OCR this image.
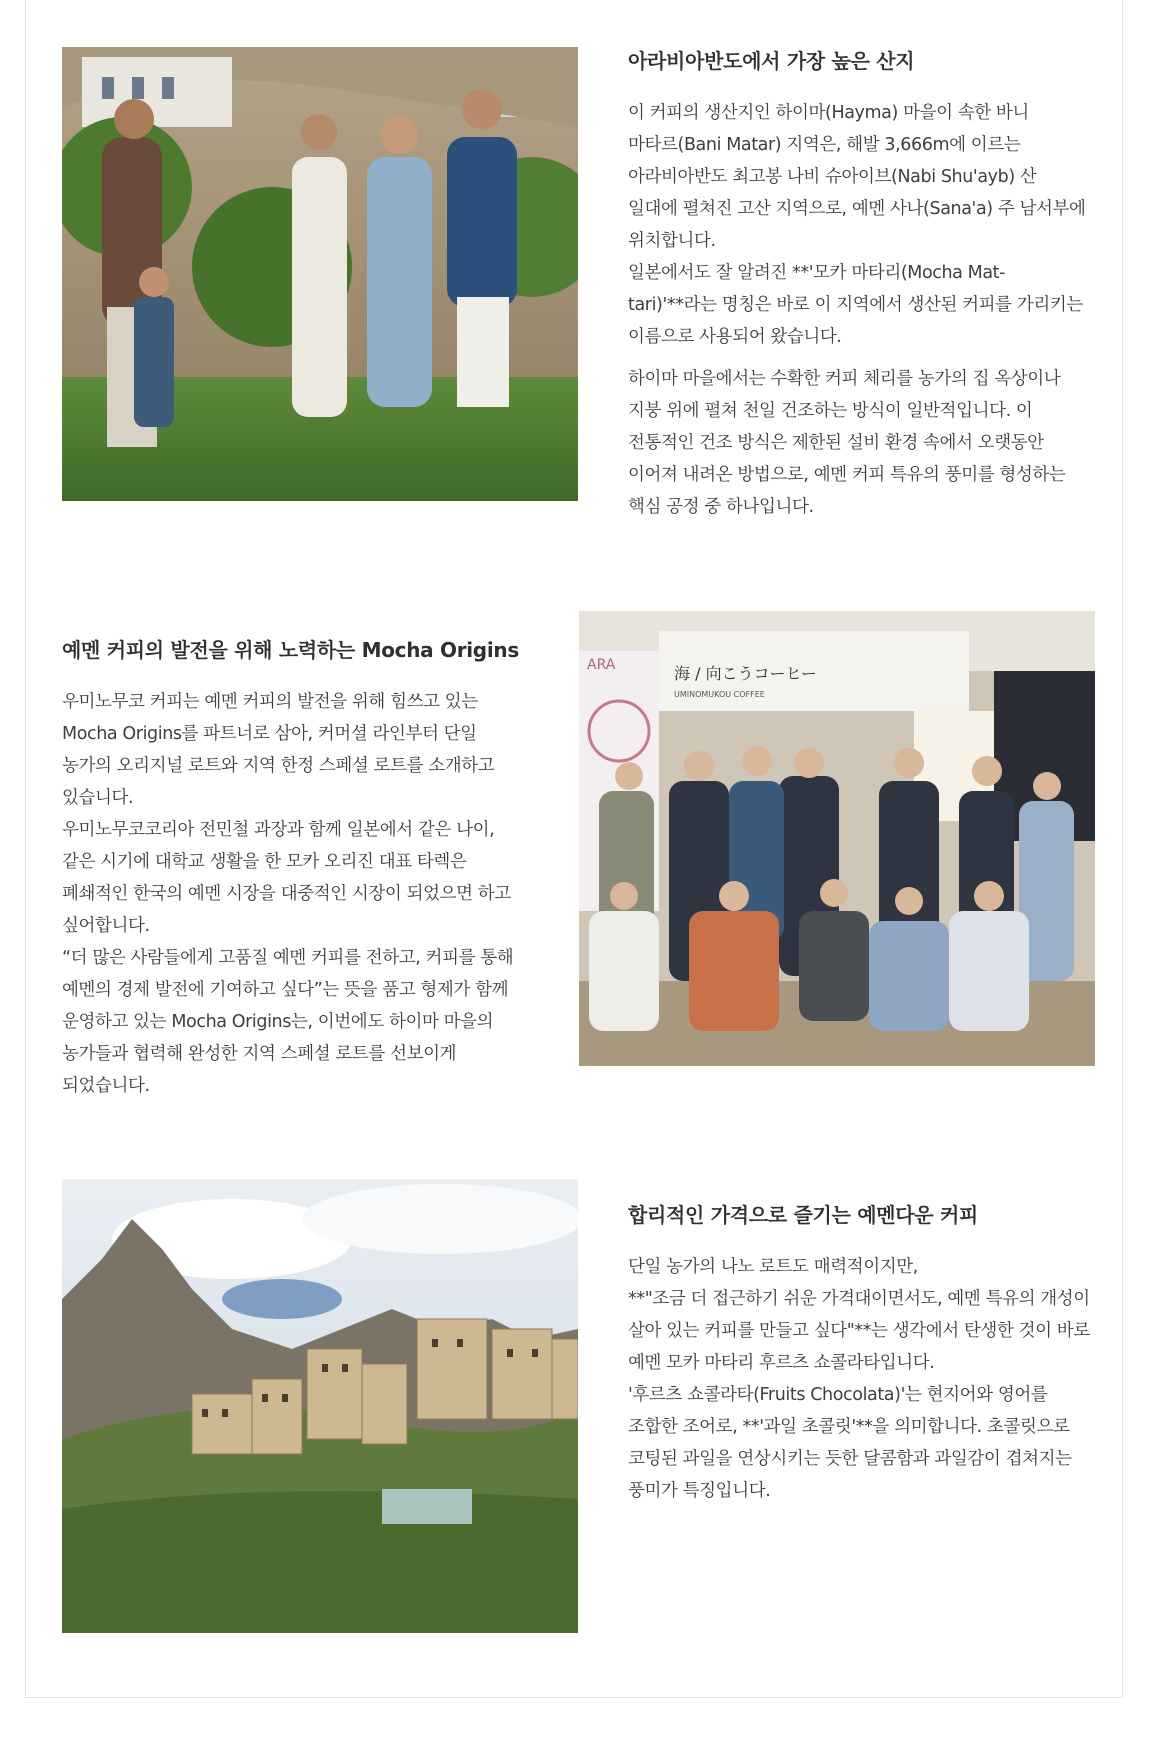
아라비아반도에서 가장 높은 산지

이 커피의 생산지인 하이마(Hayma) 마을이 속한 바니
마타르(Bani Matar) 지역은, 해발 3,666m에 이르는
아라비아반도 최고봉 나비 슈아이브(Nabi Shu'ayb) 산
일대에 펼쳐진 고산 지역으로, 예멘 사나(Sana'a) 주 남서부에
위치합니다.
일본에서도 잘 알려진 **'모카 마타리(Mocha Mat-
tari)'**라는 명칭은 바로 이 지역에서 생산된 커피를 가리키는
이름으로 사용되어 왔습니다.

하이마 마을에서는 수확한 커피 체리를 농가의 집 옥상이나
지붕 위에 펼쳐 천일 건조하는 방식이 일반적입니다. 이
전통적인 건조 방식은 제한된 설비 환경 속에서 오랫동안
이어져 내려온 방법으로, 예멘 커피 특유의 풍미를 형성하는
핵심 공정 중 하나입니다.

예멘 커피의 발전을 위해 노력하는 Mocha Origins

우미노무코 커피는 예멘 커피의 발전을 위해 힘쓰고 있는
Mocha Origins를 파트너로 삼아, 커머셜 라인부터 단일
농가의 오리지널 로트와 지역 한정 스페셜 로트를 소개하고
있습니다.
우미노무코코리아 전민철 과장과 함께 일본에서 같은 나이,
같은 시기에 대학교 생활을 한 모카 오리진 대표 타렉은
폐쇄적인 한국의 예멘 시장을 대중적인 시장이 되었으면 하고
싶어합니다.
“더 많은 사람들에게 고품질 예멘 커피를 전하고, 커피를 통해
예멘의 경제 발전에 기여하고 싶다”는 뜻을 품고 형제가 함께
운영하고 있는 Mocha Origins는, 이번에도 하이마 마을의
농가들과 협력해 완성한 지역 스페셜 로트를 선보이게
되었습니다.

ARA	海 / 向こうコーヒー
UMINOMUKOU COFFEE
합리적인 가격으로 즐기는 예멘다운 커피

단일 농가의 나노 로트도 매력적이지만,
**"조금 더 접근하기 쉬운 가격대이면서도, 예멘 특유의 개성이
살아 있는 커피를 만들고 싶다"**는 생각에서 탄생한 것이 바로
예멘 모카 마타리 후르츠 쇼콜라타입니다.
'후르츠 쇼콜라타(Fruits Chocolata)'는 현지어와 영어를
조합한 조어로, **'과일 초콜릿'**을 의미합니다. 초콜릿으로
코팅된 과일을 연상시키는 듯한 달콤함과 과일감이 겹쳐지는
풍미가 특징입니다.
